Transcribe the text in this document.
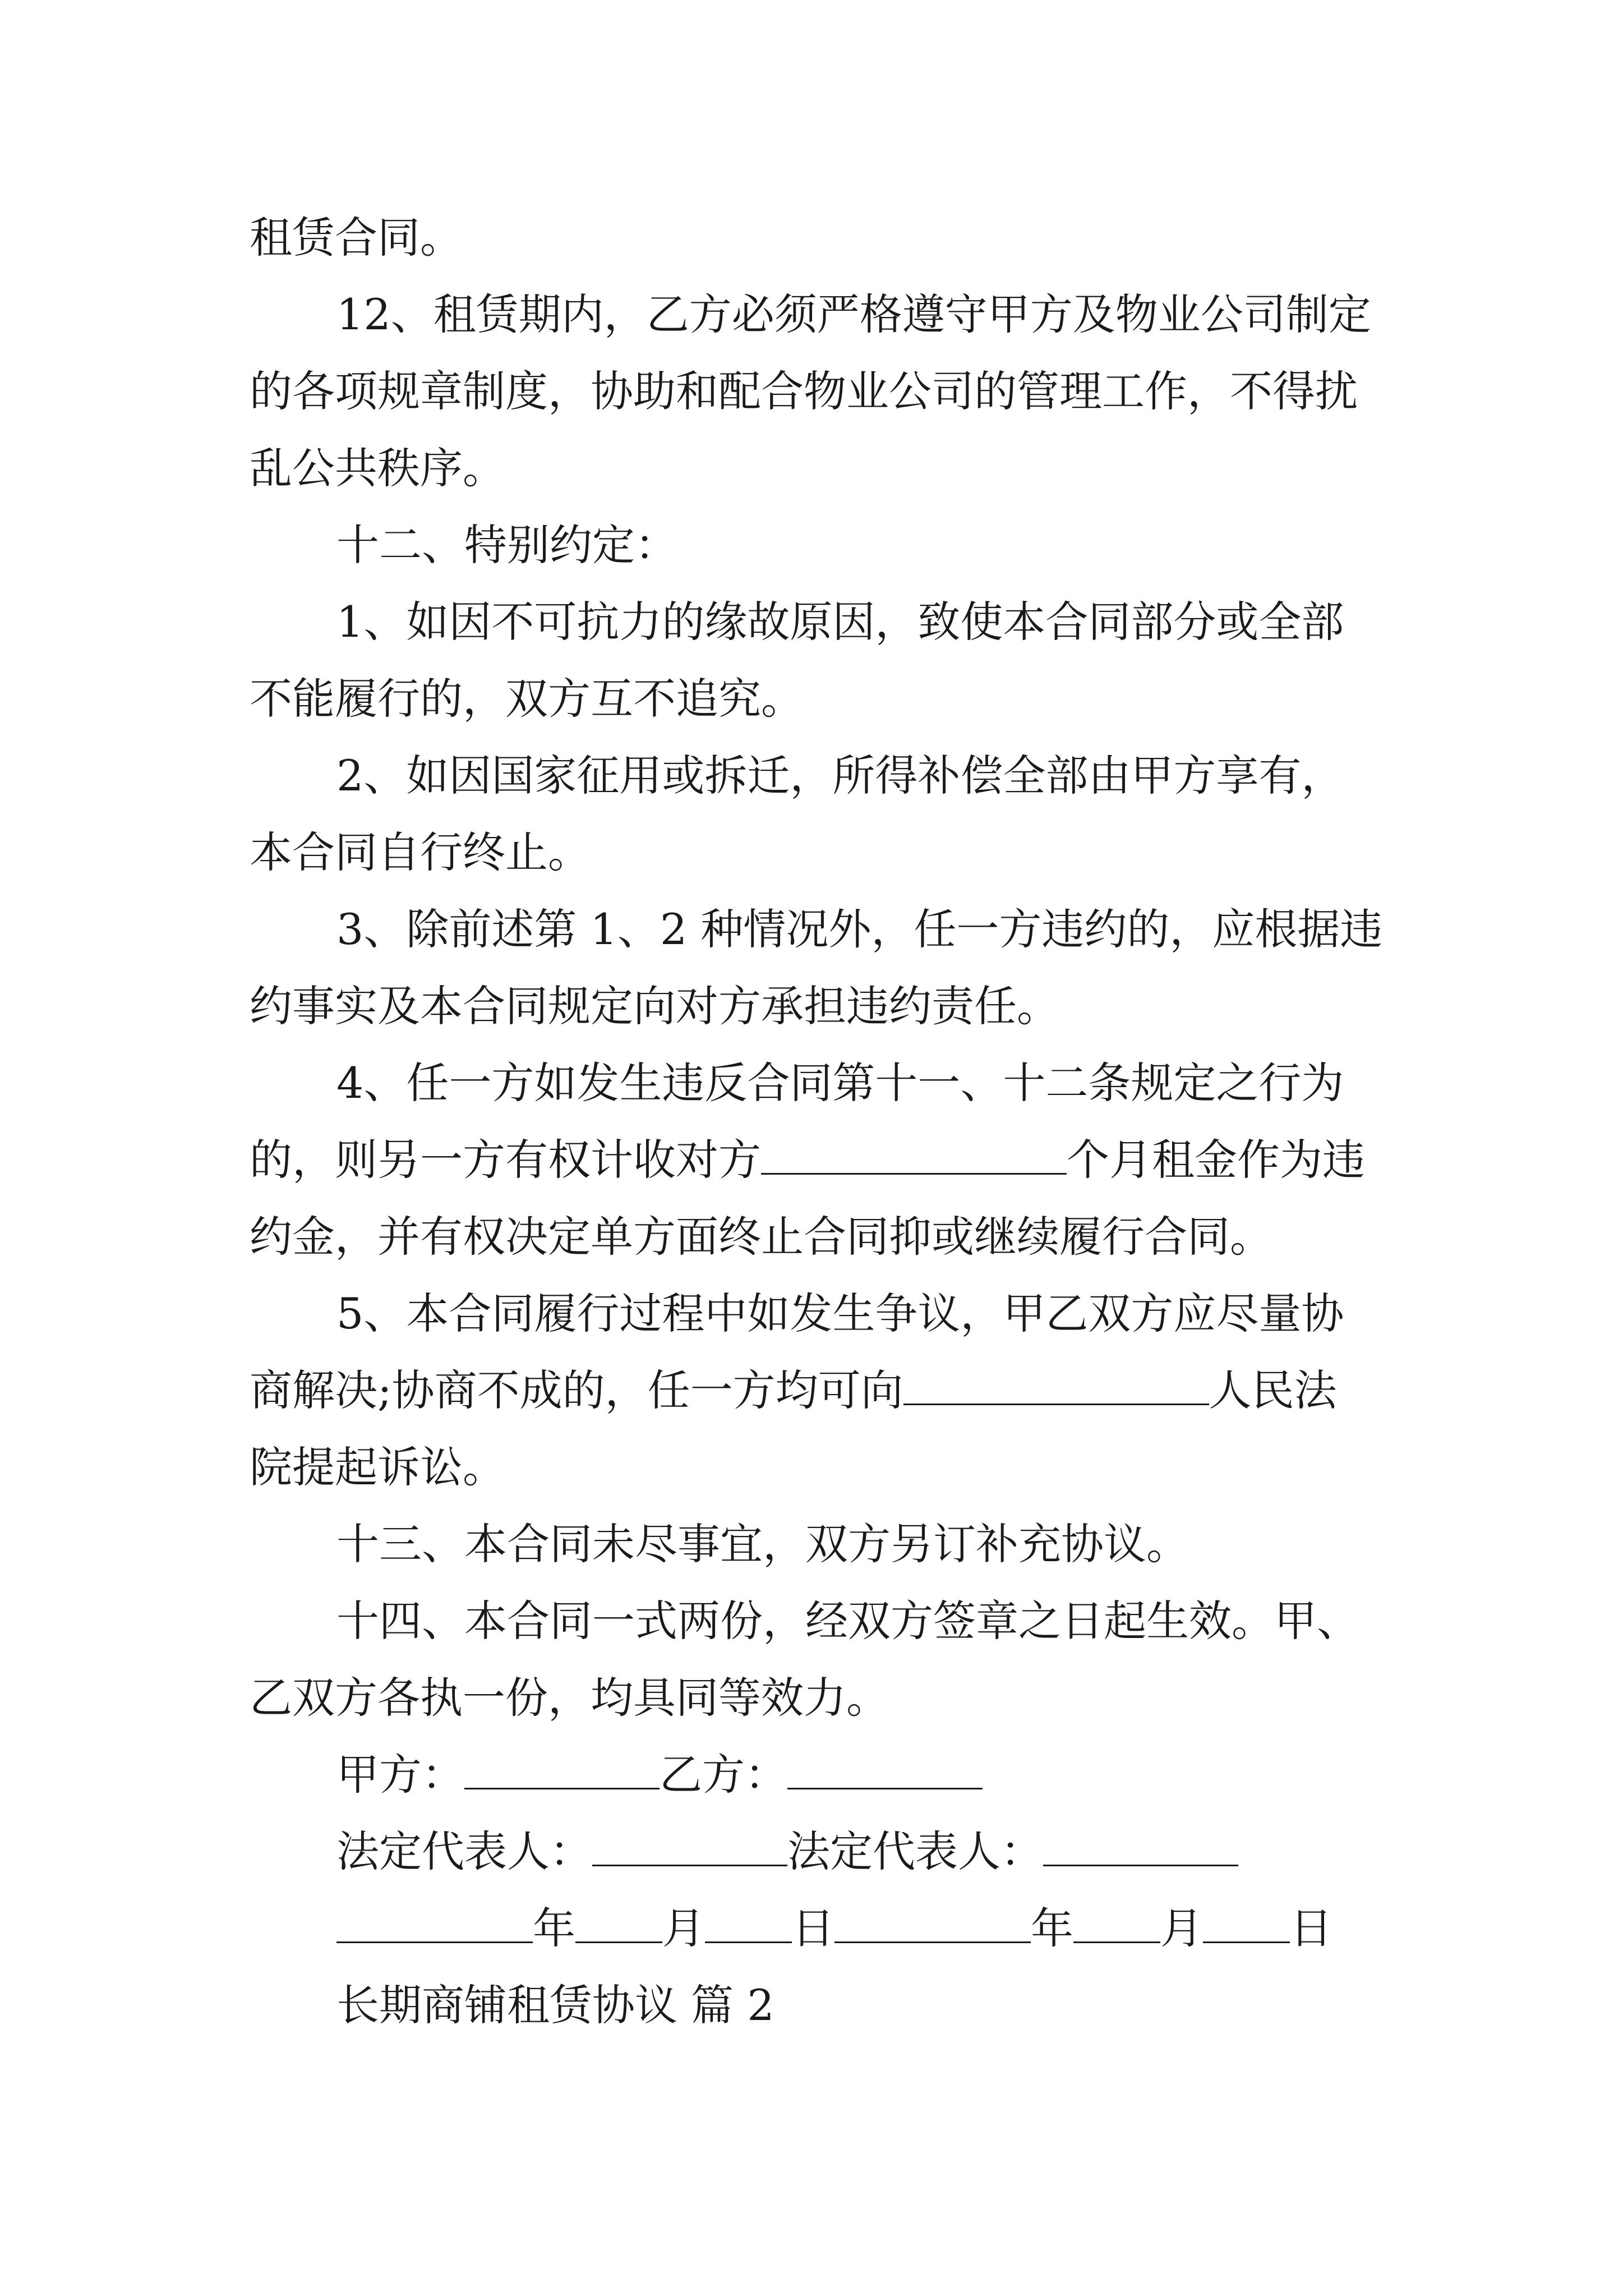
租赁合同。
12、租赁期内，乙方必须严格遵守甲方及物业公司制定
的各项规章制度，协助和配合物业公司的管理工作，不得扰
乱公共秩序。
十二、特别约定：
1、如因不可抗力的缘故原因，致使本合同部分或全部
不能履行的，双方互不追究。
2、如因国家征用或拆迁，所得补偿全部由甲方享有，
本合同自行终止。
3、除前述第 1、2 种情况外，任一方违约的，应根据违
约事实及本合同规定向对方承担违约责任。
4、任一方如发生违反合同第十一、十二条规定之行为
的，则另一方有权计收对方	个月租金作为违
约金，并有权决定单方面终止合同抑或继续履行合同。
5、本合同履行过程中如发生争议，甲乙双方应尽量协
商解决;协商不成的，任一方均可向	人民法
院提起诉讼。
十三、本合同未尽事宜，双方另订补充协议。
十四、本合同一式两份，经双方签章之日起生效。甲、
乙双方各执一份，均具同等效力。
甲方：	乙方：
法定代表人：	法定代表人：
年 月 日	年 月 日
长期商铺租赁协议 篇 2
